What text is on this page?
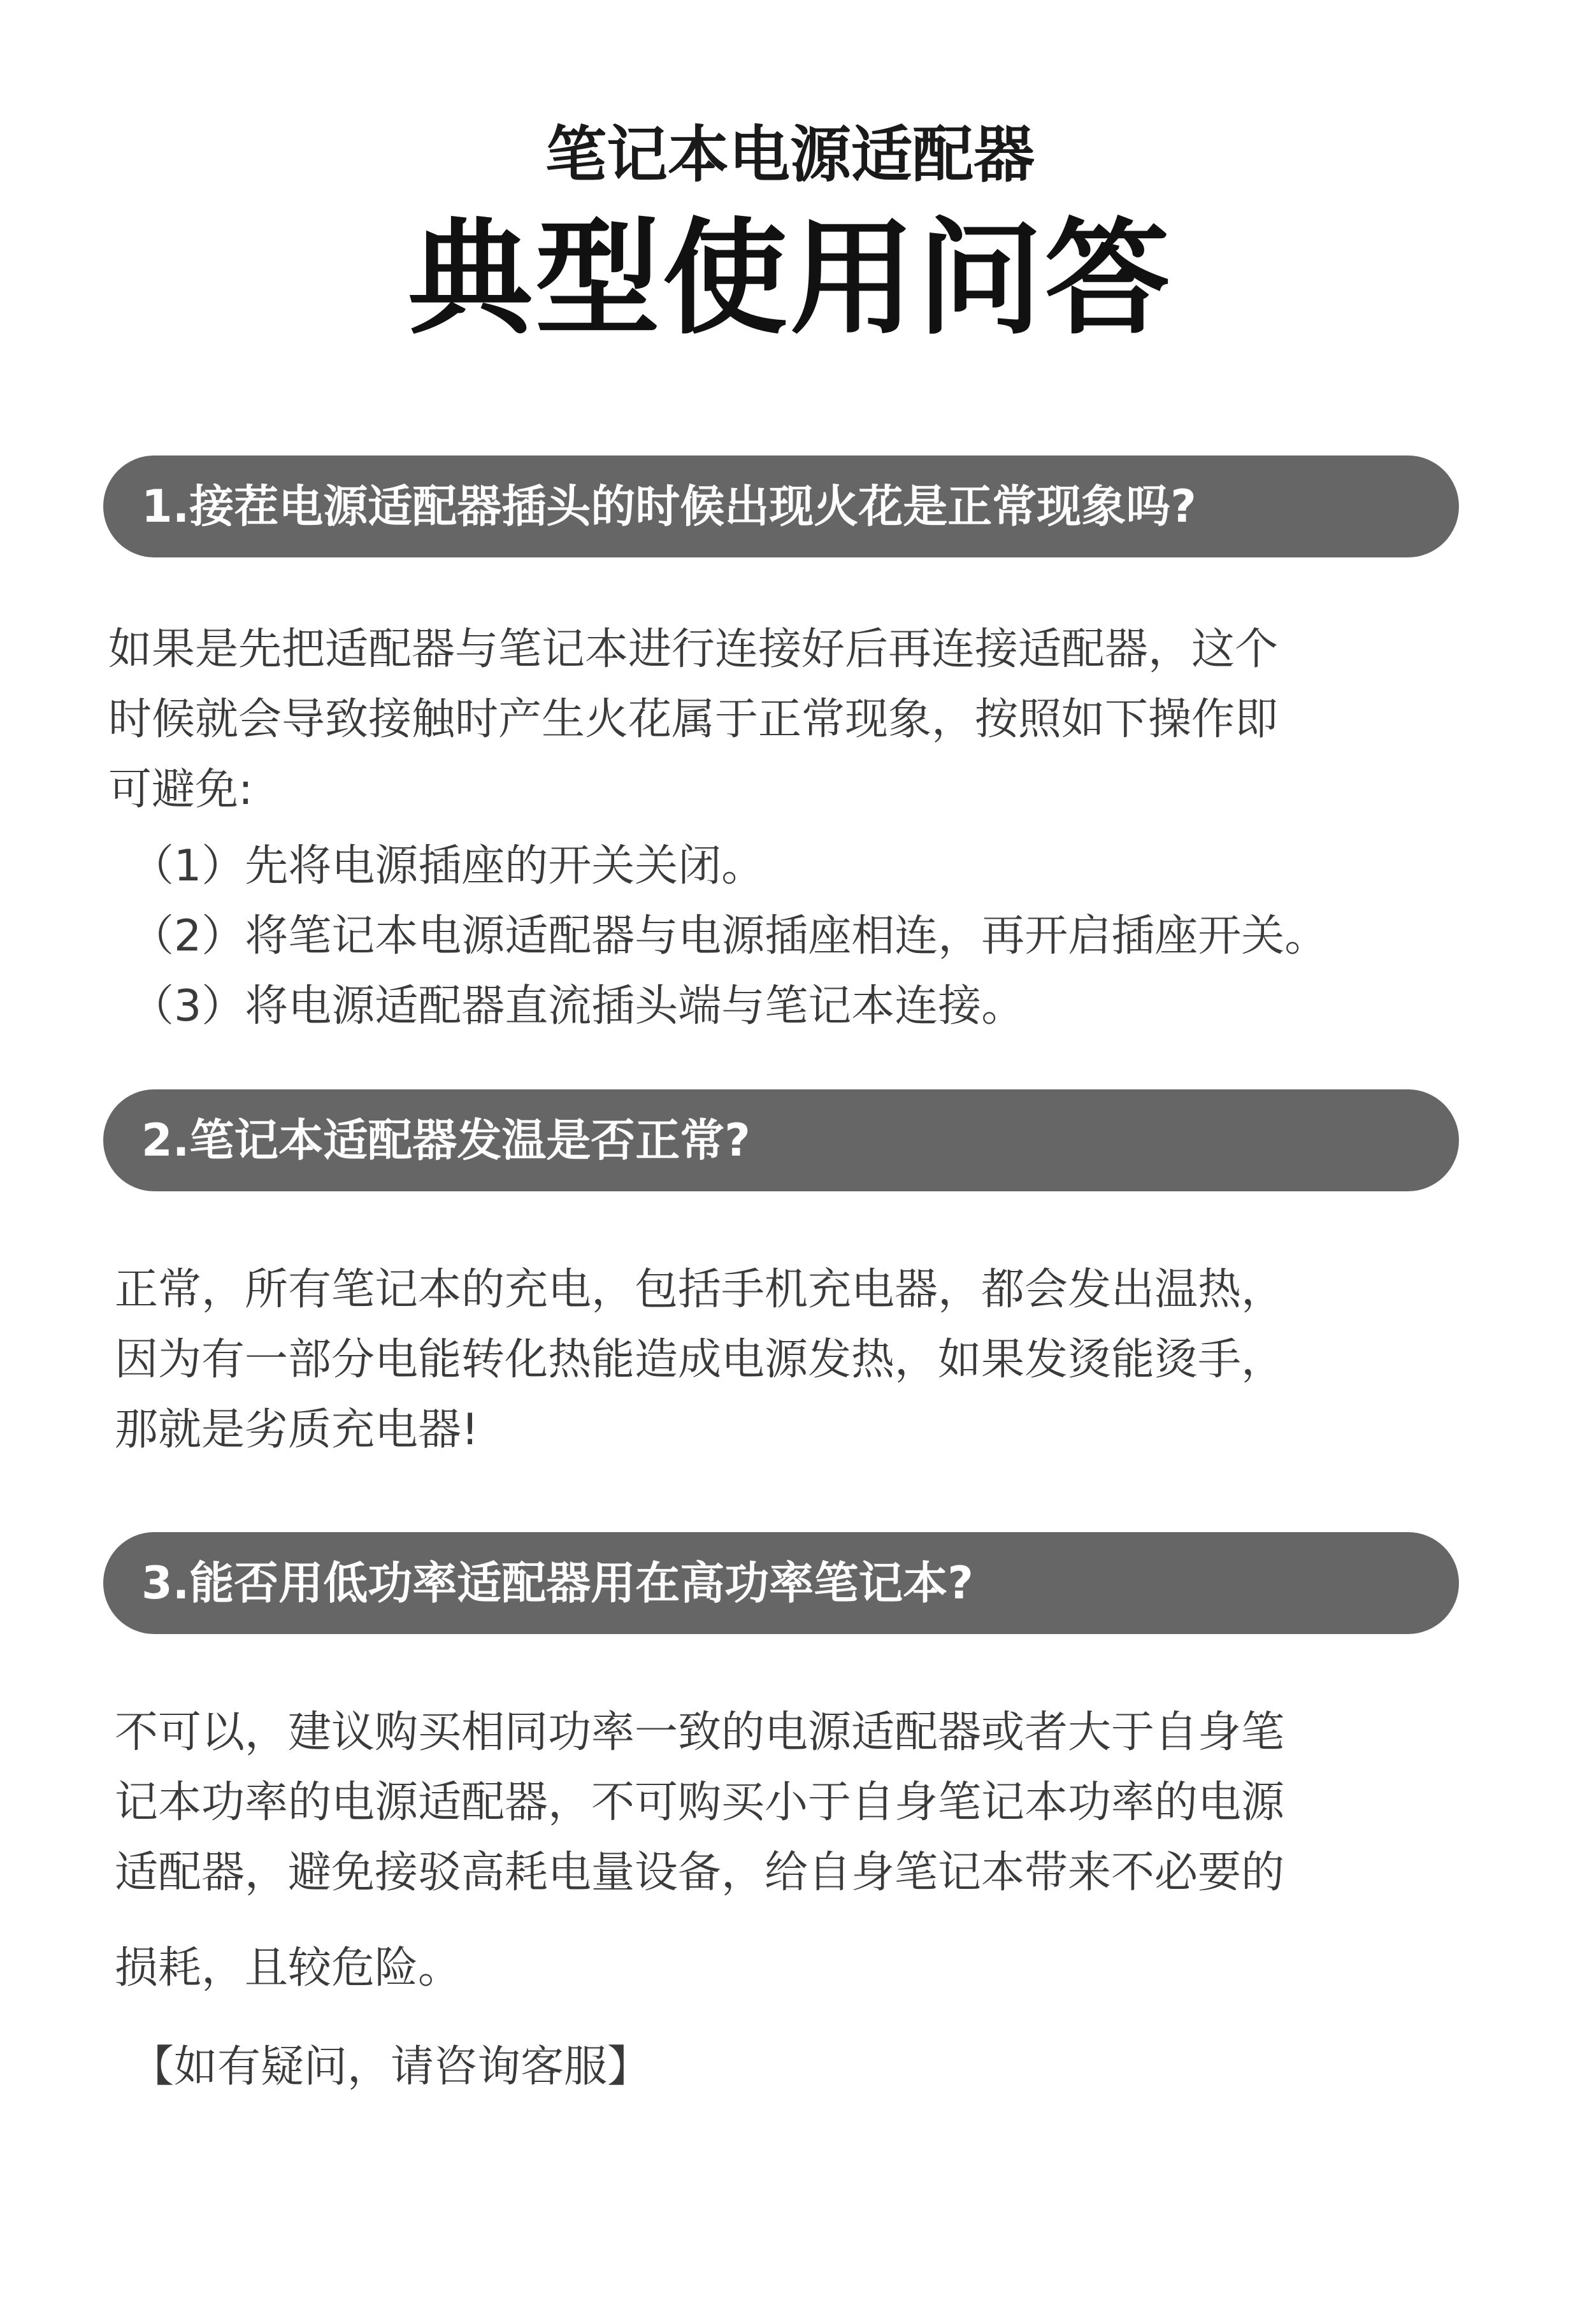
笔记本电源适配器
典型使用问答
1.接茬电源适配器插头的时候出现火花是正常现象吗?
如果是先把适配器与笔记本进行连接好后再连接适配器，这个
时候就会导致接触时产生火花属于正常现象，按照如下操作即
可避免:
（1）先将电源插座的开关关闭。
（2）将笔记本电源适配器与电源插座相连，再开启插座开关。
（3）将电源适配器直流插头端与笔记本连接。
2.笔记本适配器发温是否正常?
正常，所有笔记本的充电，包括手机充电器，都会发出温热，
因为有一部分电能转化热能造成电源发热，如果发烫能烫手，
那就是劣质充电器!
3.能否用低功率适配器用在高功率笔记本?
不可以，建议购买相同功率一致的电源适配器或者大于自身笔
记本功率的电源适配器，不可购买小于自身笔记本功率的电源
适配器，避免接驳高耗电量设备，给自身笔记本带来不必要的
损耗，且较危险。
【如有疑问，请咨询客服】
